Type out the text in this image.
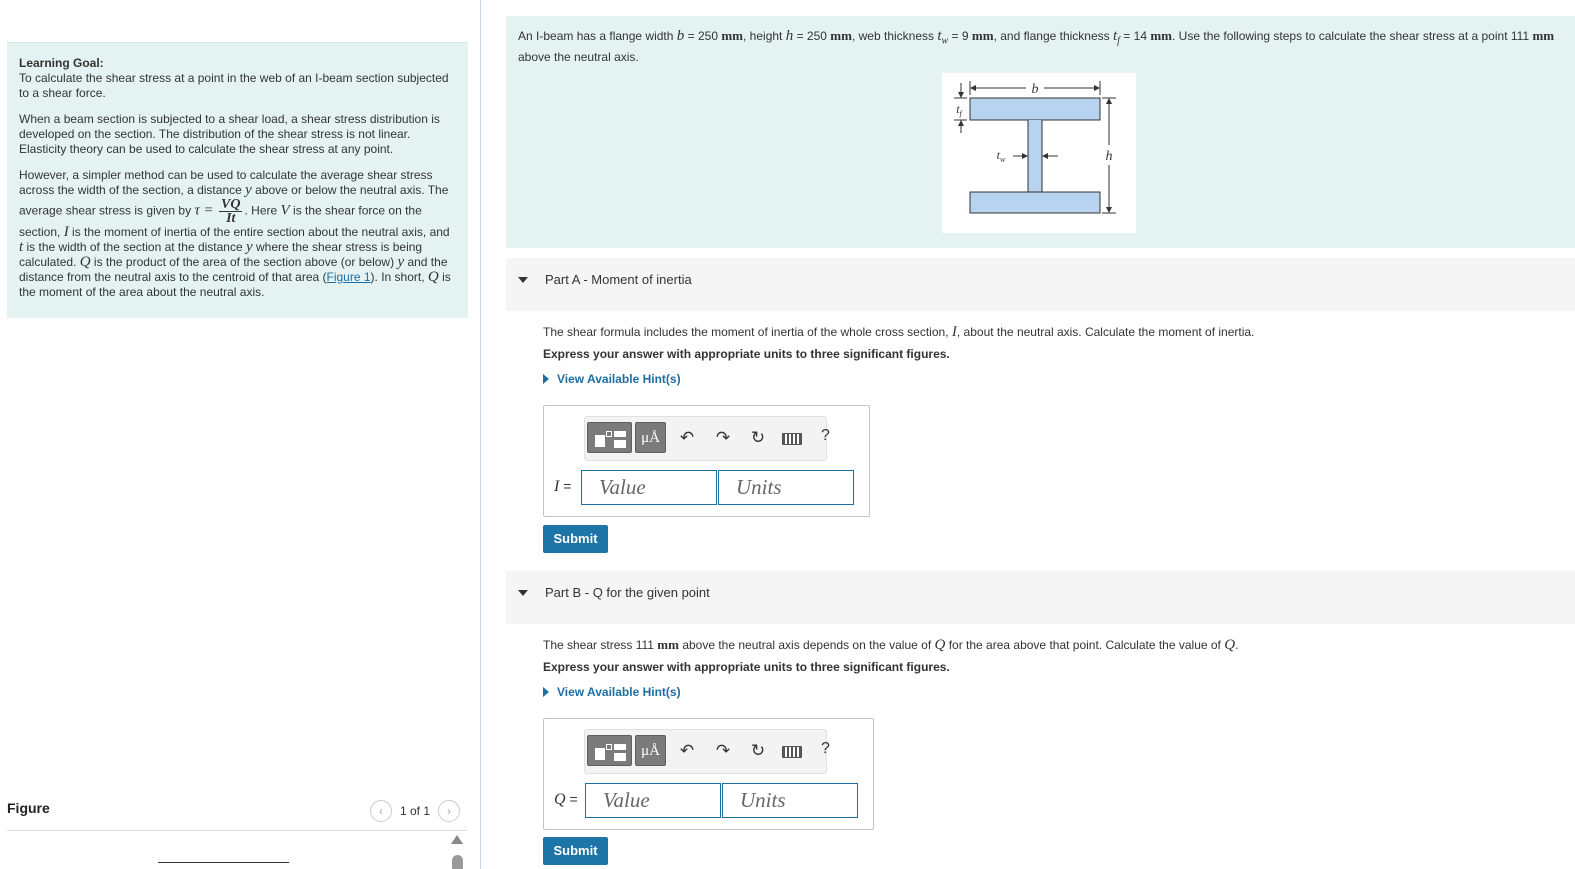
Learning Goal:
To calculate the shear stress at a point in the web of an I-beam section subjected to a shear force.

When a beam section is subjected to a shear load, a shear stress distribution is developed on the section. The distribution of the shear stress is not linear. Elasticity theory can be used to calculate the shear stress at any point.

However, a simpler method can be used to calculate the average shear stress across the width of the section, a distance y above or below the neutral axis. The average shear stress is given by $\tau = \frac{VQ}{It}$ . Here V is the shear force on the section, I is the moment of inertia of the entire section about the neutral axis, and t is the width of the section at the distance y where the shear stress is being calculated. Q is the product of the area of the section above (or below) y and the distance from the neutral axis to the centroid of that area (Figure 1). In short, Q is the moment of the area about the neutral axis.

Figure	‹	1 of 1	›
An I-beam has a flange width b = 250 mm, height h = 250 mm, web thickness $t_w = 9$ mm, and flange thickness $t_f = 14$ mm. Use the following steps to calculate the shear stress at a point 111 mm above the neutral axis.
b
h
$t_f$
$t_w$
Part A - Moment of inertia
The shear formula includes the moment of inertia of the whole cross section, I, about the neutral axis. Calculate the moment of inertia.
Express your answer with appropriate units to three significant figures.
View Available Hint(s)
μÅ	↶ ↷ ↻	?
I =	Value	Units
Submit
Part B - Q for the given point
The shear stress 111 mm above the neutral axis depends on the value of Q for the area above that point. Calculate the value of Q.
Express your answer with appropriate units to three significant figures.
View Available Hint(s)
μÅ	↶ ↷ ↻	?
Q =	Value	Units
Submit
